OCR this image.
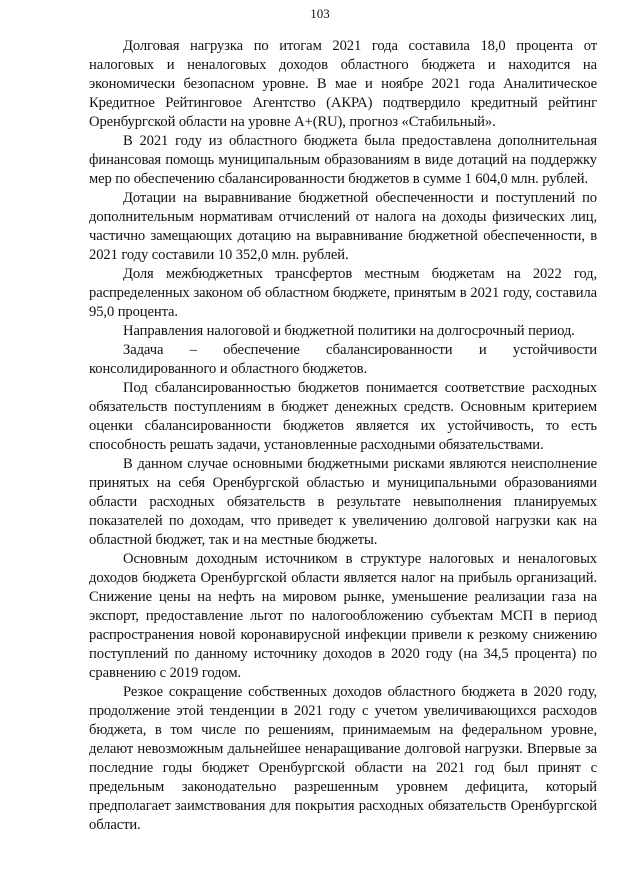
103

Долговая нагрузка по итогам 2021 года составила 18,0 процента от налоговых и неналоговых доходов областного бюджета и находится на экономически безопасном уровне. В мае и ноябре 2021 года Аналитическое Кредитное Рейтинговое Агентство (АКРА) подтвердило кредитный рейтинг Оренбургской области на уровне А+(RU), прогноз «Стабильный».

В 2021 году из областного бюджета была предоставлена дополнительная финансовая помощь муниципальным образованиям в виде дотаций на поддержку мер по обеспечению сбалансированности бюджетов в сумме 1 604,0 млн. рублей.

Дотации на выравнивание бюджетной обеспеченности и поступлений по дополнительным нормативам отчислений от налога на доходы физических лиц, частично замещающих дотацию на выравнивание бюджетной обеспеченности, в 2021 году составили 10 352,0 млн. рублей.

Доля межбюджетных трансфертов местным бюджетам на 2022 год, распределенных законом об областном бюджете, принятым в 2021 году, составила 95,0 процента.

Направления налоговой и бюджетной политики на долгосрочный период.

Задача – обеспечение сбалансированности и устойчивости консолидированного и областного бюджетов.

Под сбалансированностью бюджетов понимается соответствие расходных обязательств поступлениям в бюджет денежных средств. Основным критерием оценки сбалансированности бюджетов является их устойчивость, то есть способность решать задачи, установленные расходными обязательствами.

В данном случае основными бюджетными рисками являются неисполнение принятых на себя Оренбургской областью и муниципальными образованиями области расходных обязательств в результате невыполнения планируемых показателей по доходам, что приведет к увеличению долговой нагрузки как на областной бюджет, так и на местные бюджеты.

Основным доходным источником в структуре налоговых и неналоговых доходов бюджета Оренбургской области является налог на прибыль организаций. Снижение цены на нефть на мировом рынке, уменьшение реализации газа на экспорт, предоставление льгот по налогообложению субъектам МСП в период распространения новой коронавирусной инфекции привели к резкому снижению поступлений по данному источнику доходов в 2020 году (на 34,5 процента) по сравнению с 2019 годом.

Резкое сокращение собственных доходов областного бюджета в 2020 году, продолжение этой тенденции в 2021 году с учетом увеличивающихся расходов бюджета, в том числе по решениям, принимаемым на федеральном уровне, делают невозможным дальнейшее ненаращивание долговой нагрузки. Впервые за последние годы бюджет Оренбургской области на 2021 год был принят с предельным законодательно разрешенным уровнем дефицита, который предполагает заимствования для покрытия расходных обязательств Оренбургской области.
